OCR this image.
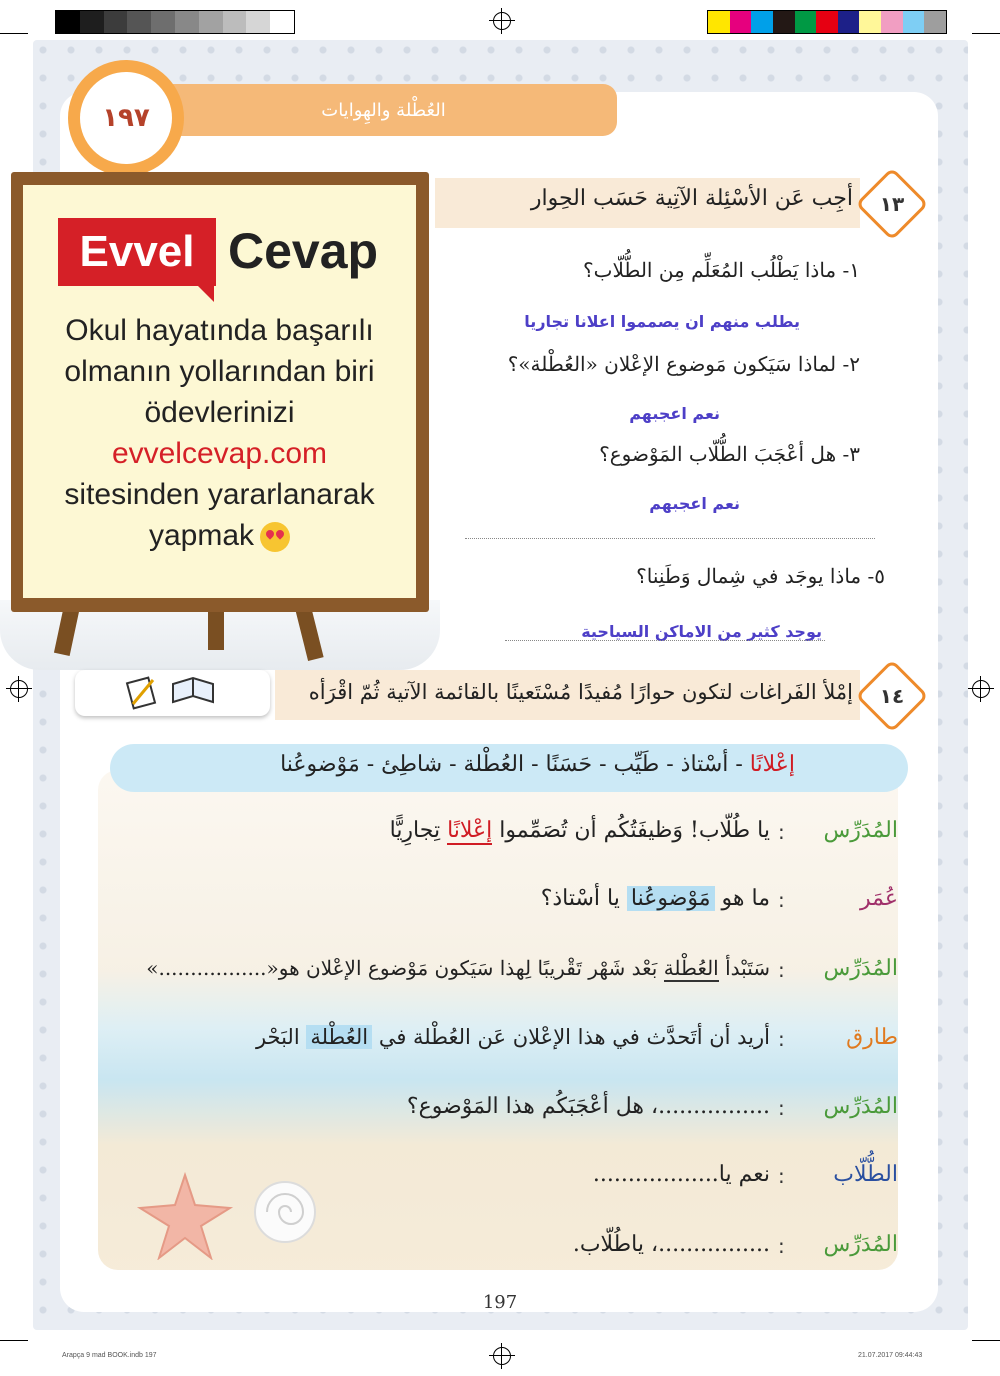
العُطْلة والهِوايات
١٩٧
أجِب عَن الأسْئِلة الآتِية حَسَب الحِوار	١٣
١- ماذا يَطْلُب المُعَلِّم مِن الطُّلّاب؟
يطلب منهم ان يصمموا اعلانا تجاريا
٢- لماذا سَيَكون مَوضوع الإعْلان «العُطْلة»؟
نعم اعجبهم
٣- هل أعْجَبَ الطُّلّاب المَوْضوع؟
نعم اعجبهم
٥- ماذا يوجَد في شِمال وَطَنِنا؟
يوجد كثير من الاماكن السياحية
Evvel Cevap
Okul hayatında başarılı
olmanın yollarından biri
ödevlerinizi
evvelcevap.com
sitesinden yararlanarak
yapmak
إمْلأ الفَراغات لتكون حوارًا مُفيدًا مُسْتَعينًا بالقائمة الآتية ثُمّ اقْرَأه	١٤
إعْلانًا - أسْتاذ - طَيِّب - حَسَنًا - العُطْلة - شاطِئ - مَوْضوعُنا
المُدَرِّس
:
يا طُلّاب! وَظيفَتُكُم أن تُصَمِّموا إعْلانًا تِجارِيًّا
عُمَر
:
ما هو مَوْضوعُنا يا أسْتاذ؟
المُدَرِّس
:
سَتَبْدأ العُطْلة بَعْد شَهْر تَقْريبًا لِهذا سَيَكون مَوْضوع الإعْلان هو«.................»
طارق
:
أريد أن أتَحدَّث في هذا الإعْلان عَن العُطْلة في العُطْلة البَحْر
المُدَرِّس
:
................، هل أعْجَبَكُم هذا المَوْضوع؟
الطُّلّاب
:
نعم يا..................
المُدَرِّس
:
................، ياطُلّاب.
197
Arapça 9 mad BOOK.indb 197	21.07.2017 09:44:43
